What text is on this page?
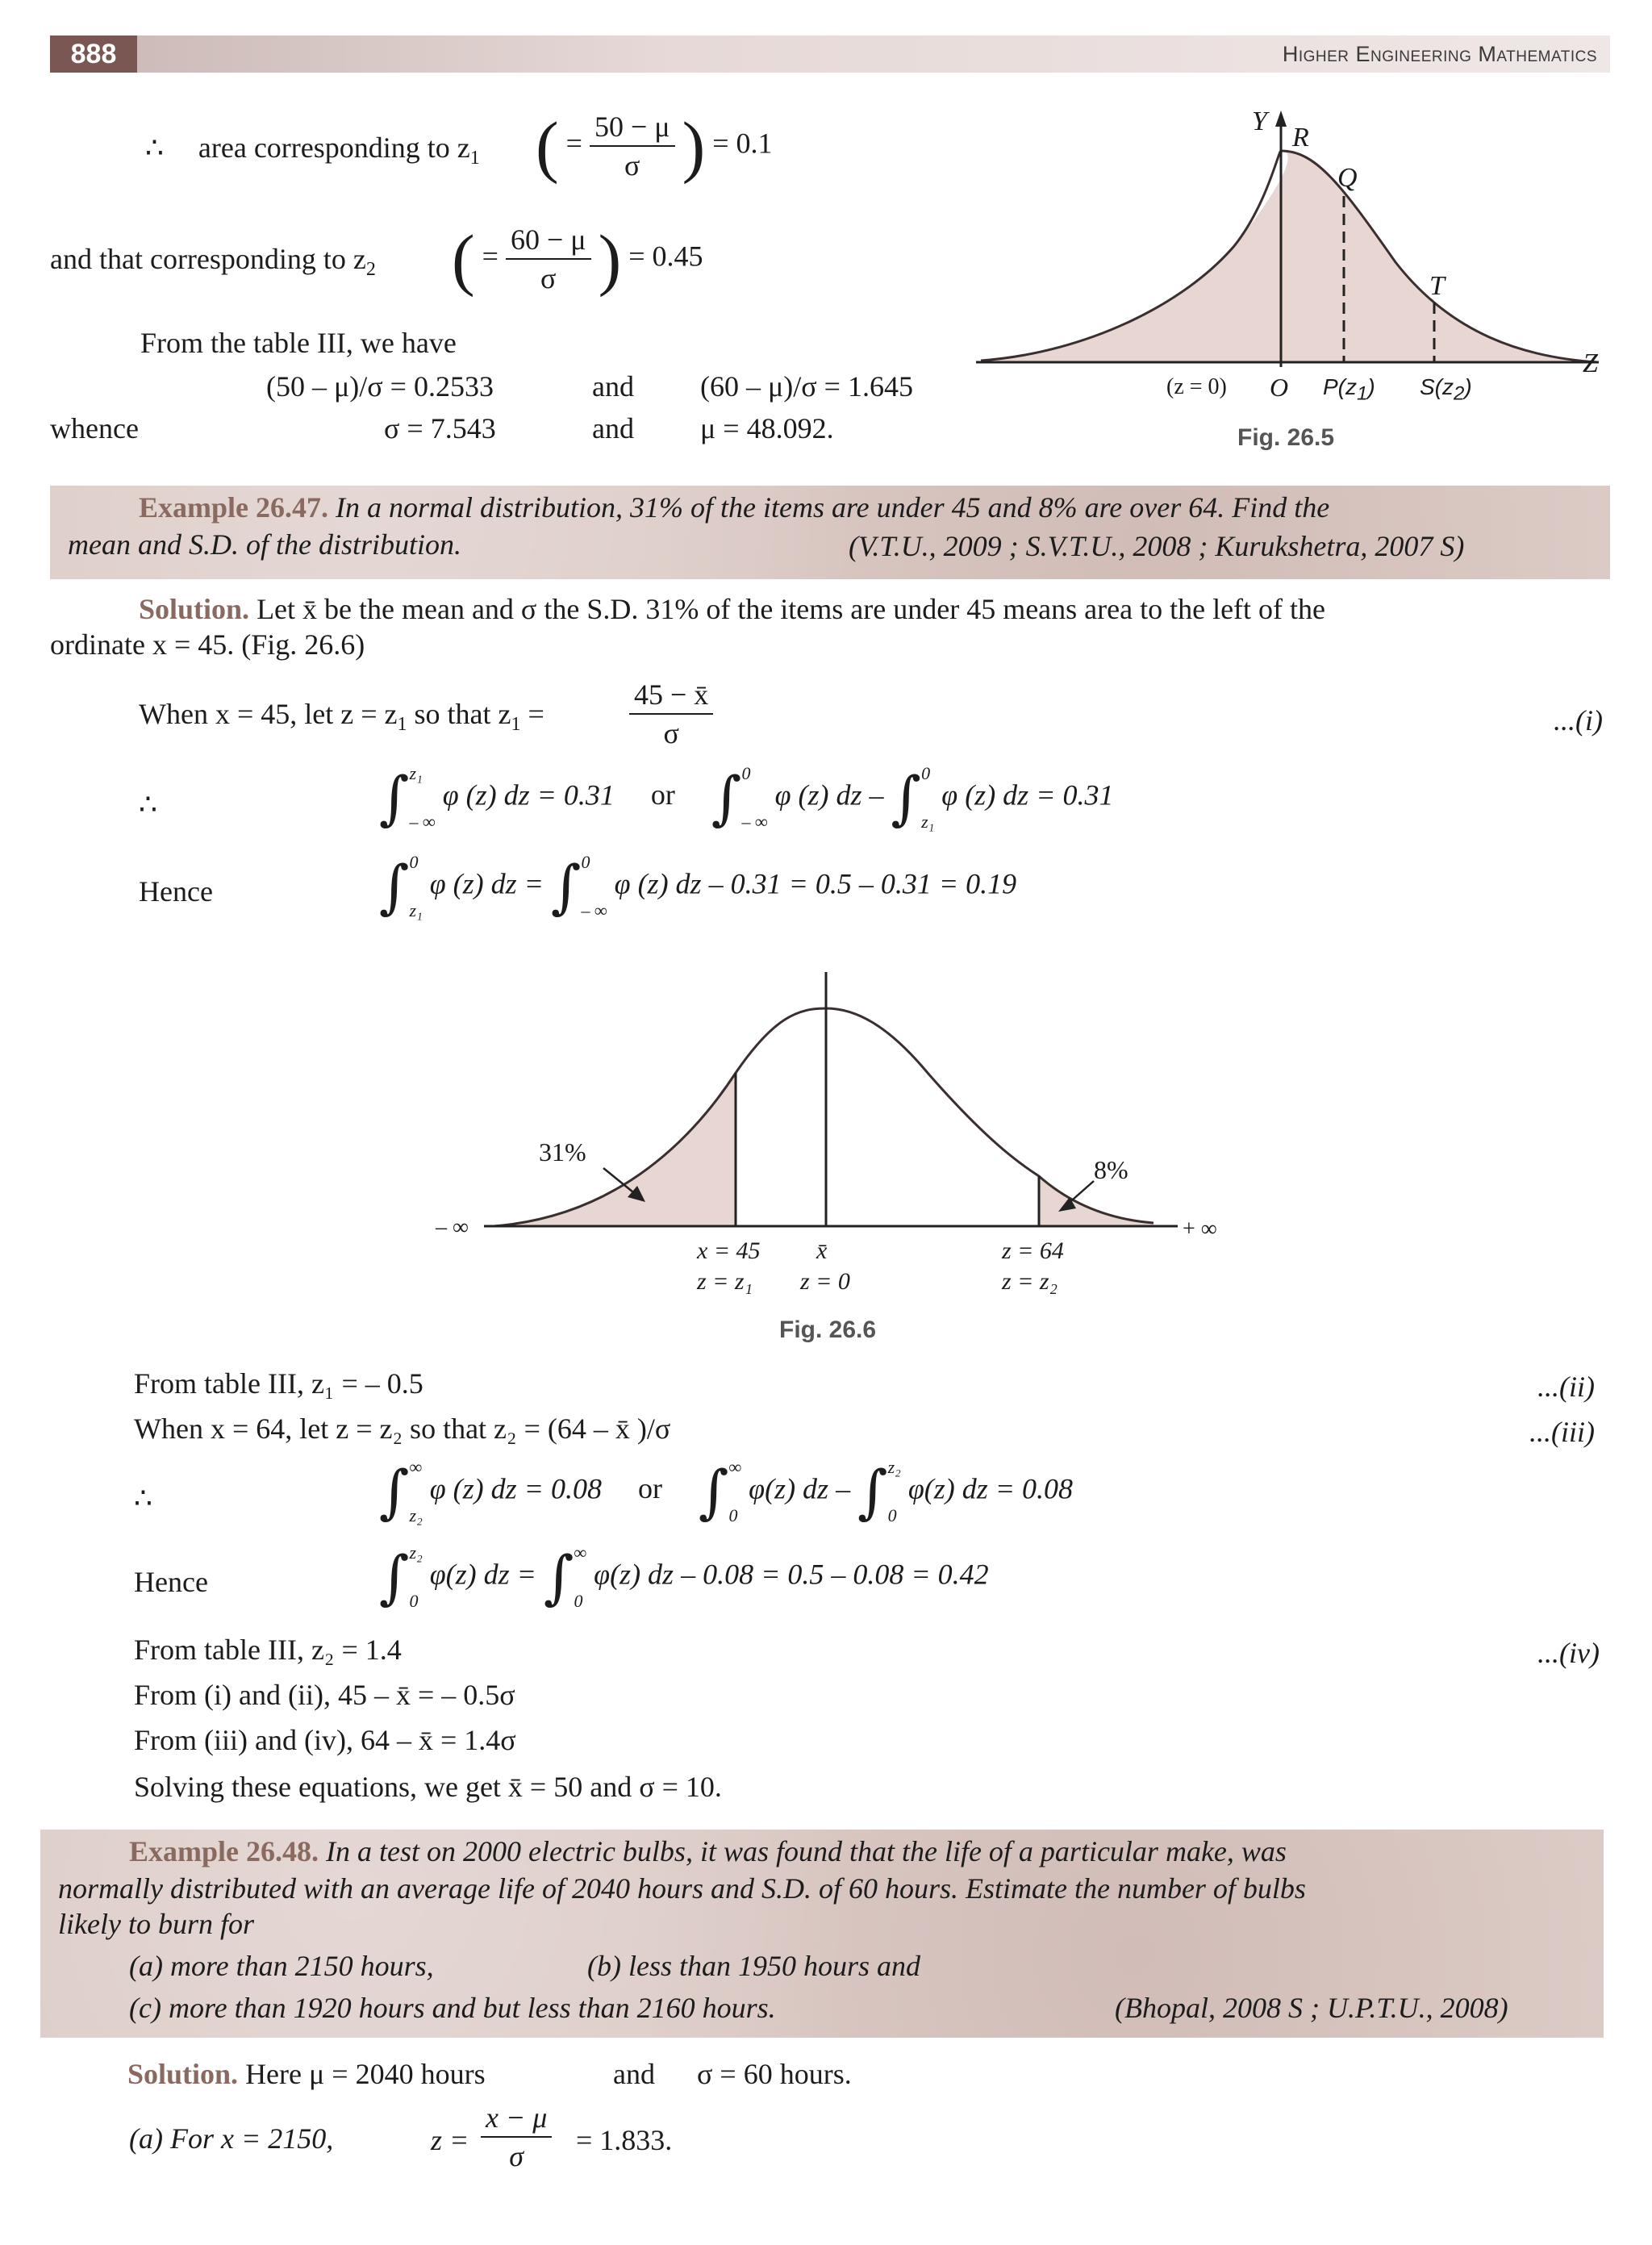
888	Higher Engineering Mathematics
∴ area corresponding to $z_1$ ( = $\frac{50 - \mu}{\sigma}$ ) = 0.1
and that corresponding to $z_2$ ( = $\frac{60 - \mu}{\sigma}$ ) = 0.45
From the table III, we have
(50 – μ)/σ = 0.2533	and (60 – μ)/σ = 1.645
whence	σ = 7.543	and μ = 48.092.
Y
R
Q
T
Z
(z = 0) O $P(z_1)$ $S(z_2)$
Fig. 26.5
Example 26.47. In a normal distribution, 31% of the items are under 45 and 8% are over 64. Find the
mean and S.D. of the distribution.	(V.T.U., 2009 ; S.V.T.U., 2008 ; Kurukshetra, 2007 S)
Solution. Let x̄ be the mean and σ the S.D. 31% of the items are under 45 means area to the left of the
ordinate x = 45. (Fig. 26.6)
When x = 45, let $z = z_1$ so that $z_1$ =	$\frac{45 - x̄}{\sigma}$	...(i)
∴	∫ z₁
– ∞
φ (z) dz = 0.31 or ∫ 0
– ∞
φ (z) dz – ∫ 0
z₁
φ (z) dz = 0.31
Hence	∫ 0
z₁
φ (z) dz = ∫ 0
– ∞
φ (z) dz – 0.31 = 0.5 – 0.31 = 0.19
31%
8%
– ∞	+ ∞
x = 45
z = z₁
x̄
z = 0
z = 64
z = z₂
Fig. 26.6
From table III, z₁ = – 0.5	...(ii)
When x = 64, let z = z₂ so that z₂ = (64 – x̄ )/σ	...(iii)
∴	∫ ∞
z₂
φ (z) dz = 0.08 or ∫ ∞
0
φ(z) dz – ∫ z₂
0
φ(z) dz = 0.08
Hence	∫ z₂
0
φ(z) dz = ∫ ∞
0
φ(z) dz – 0.08 = 0.5 – 0.08 = 0.42
From table III, z₂ = 1.4	...(iv)
From (i) and (ii), 45 – x̄ = – 0.5σ
From (iii) and (iv), 64 – x̄ = 1.4σ
Solving these equations, we get x̄ = 50 and σ = 10.
Example 26.48. In a test on 2000 electric bulbs, it was found that the life of a particular make, was
normally distributed with an average life of 2040 hours and S.D. of 60 hours. Estimate the number of bulbs
likely to burn for
(a) more than 2150 hours,	(b) less than 1950 hours and
(c) more than 1920 hours and but less than 2160 hours.	(Bhopal, 2008 S ; U.P.T.U., 2008)
Solution. Here μ = 2040 hours	and σ = 60 hours.
(a) For x = 2150,	$z = \frac{x - \mu}{\sigma} = 1.833$.
